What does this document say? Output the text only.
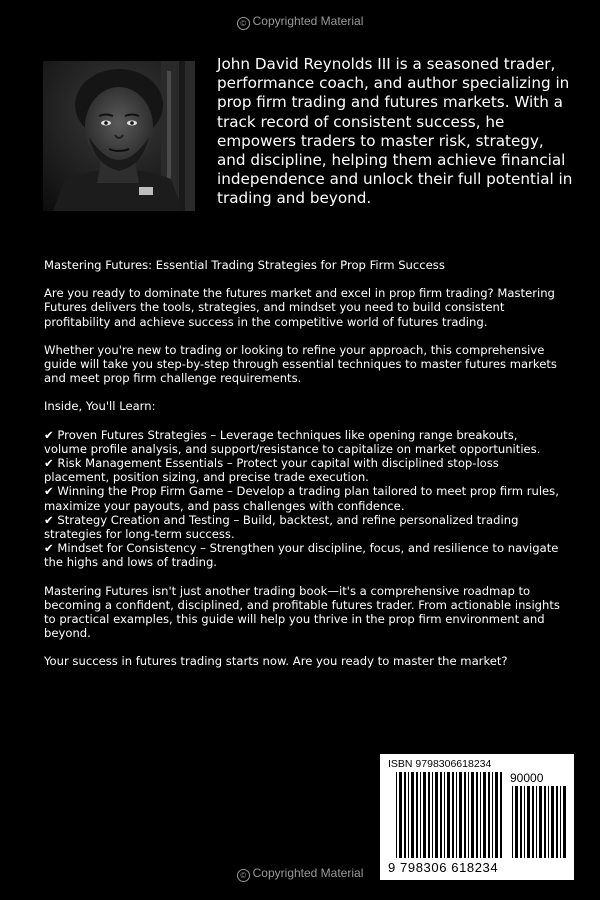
© Copyrighted Material
John David Reynolds III is a seasoned trader, performance coach, and author specializing in prop firm trading and futures markets. With a track record of consistent success, he empowers traders to master risk, strategy, and discipline, helping them achieve financial independence and unlock their full potential in trading and beyond.

Mastering Futures: Essential Trading Strategies for Prop Firm Success

Are you ready to dominate the futures market and excel in prop firm trading? Mastering Futures delivers the tools, strategies, and mindset you need to build consistent profitability and achieve success in the competitive world of futures trading.

Whether you're new to trading or looking to refine your approach, this comprehensive guide will take you step-by-step through essential techniques to master futures markets and meet prop firm challenge requirements.

Inside, You'll Learn:

✔ Proven Futures Strategies – Leverage techniques like opening range breakouts, volume profile analysis, and support/resistance to capitalize on market opportunities.

✔ Risk Management Essentials – Protect your capital with disciplined stop-loss placement, position sizing, and precise trade execution.

✔ Winning the Prop Firm Game – Develop a trading plan tailored to meet prop firm rules, maximize your payouts, and pass challenges with confidence.

✔ Strategy Creation and Testing – Build, backtest, and refine personalized trading strategies for long-term success.

✔ Mindset for Consistency – Strengthen your discipline, focus, and resilience to navigate the highs and lows of trading.

Mastering Futures isn't just another trading book—it's a comprehensive roadmap to becoming a confident, disciplined, and profitable futures trader. From actionable insights to practical examples, this guide will help you thrive in the prop firm environment and beyond.

Your success in futures trading starts now. Are you ready to master the market?

ISBN 9798306618234
90000
9 798306 618234
© Copyrighted Material
